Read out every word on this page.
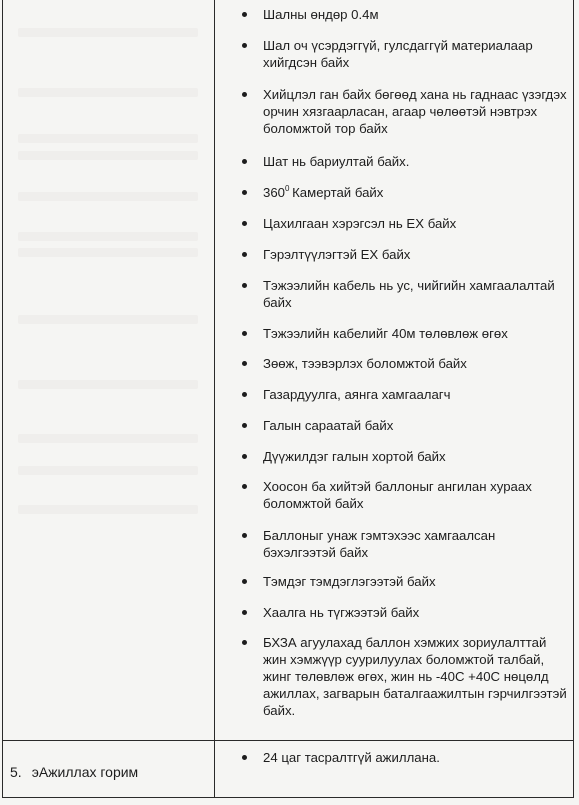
Шалны өндөр 0.4м
Шал оч үсэрдэггүй, гулсдаггүй материалаар хийгдсэн байх
Хийцлэл ган байх бөгөөд хана нь гаднаас үзэгдэх орчин хязгаарласан, агаар чөлөөтэй нэвтрэх боломжтой тор байх
Шат нь бариултай байх.
$360^0$  Камертай байх
Цахилгаан хэрэгсэл нь ЕХ байх
Гэрэлтүүлэгтэй ЕХ байх
Тэжээлийн кабель нь ус, чийгийн хамгаалалтай байх
Тэжээлийн кабелийг 40м төлөвлөж өгөх
Зөөж, тээвэрлэх боломжтой байх
Газардуулга, аянга хамгаалагч
Галын сараатай байх
Дүүжилдэг галын хортой байх
Хоосон ба хийтэй баллоныг ангилан хураах боломжтой байх
Баллоныг унаж гэмтэхээс хамгаалсан бэхэлгээтэй байх
Тэмдэг тэмдэглэгээтэй байх
Хаалга нь түгжээтэй байх
БХЗА агуулахад баллон хэмжих зориулалттай жин хэмжүүр суурилуулах боломжтой талбай, жинг төлөвлөж өгөх, жин нь -40С +40С нөцөлд ажиллах, загварын баталгаажилтын гэрчилгээтэй байх.
24 цаг тасралтгүй ажиллана.
5. эАжиллах горим
